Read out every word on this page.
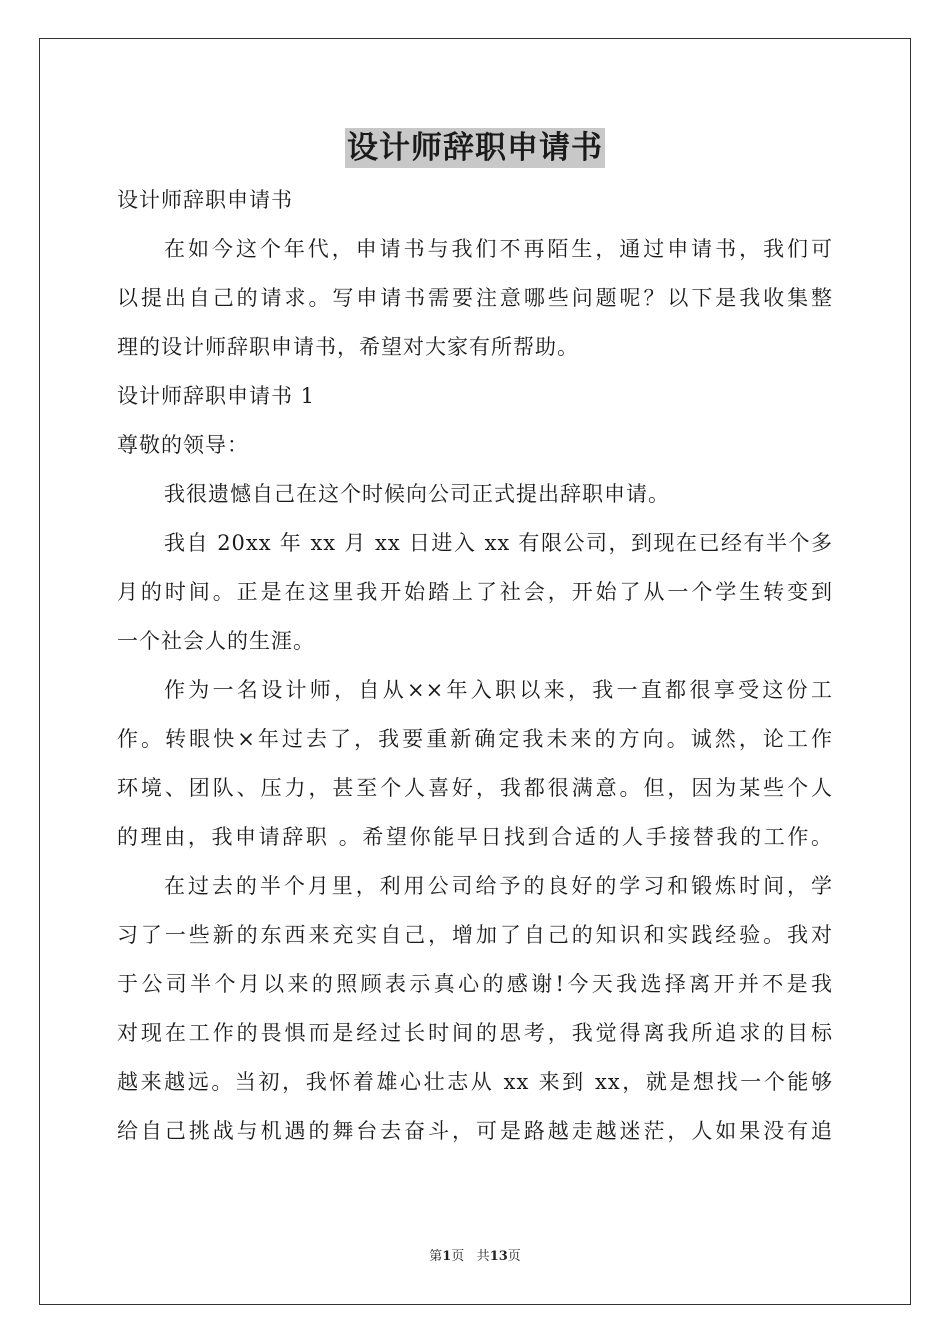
设计师辞职申请书
设计师辞职申请书
在如今这个年代，申请书与我们不再陌生，通过申请书，我们可
以提出自己的请求。写申请书需要注意哪些问题呢？以下是我收集整
理的设计师辞职申请书，希望对大家有所帮助。
设计师辞职申请书 1
尊敬的领导：
我很遗憾自己在这个时候向公司正式提出辞职申请。
我自 20xx 年 xx 月 xx 日进入 xx 有限公司，到现在已经有半个多
月的时间。正是在这里我开始踏上了社会，开始了从一个学生转变到
一个社会人的生涯。
作为一名设计师，自从××年入职以来，我一直都很享受这份工
作。转眼快×年过去了，我要重新确定我未来的方向。诚然，论工作
环境、团队、压力，甚至个人喜好，我都很满意。但，因为某些个人
的理由，我申请辞职 。希望你能早日找到合适的人手接替我的工作。
在过去的半个月里，利用公司给予的良好的学习和锻炼时间，学
习了一些新的东西来充实自己，增加了自己的知识和实践经验。我对
于公司半个月以来的照顾表示真心的感谢!今天我选择离开并不是我
对现在工作的畏惧而是经过长时间的思考，我觉得离我所追求的目标
越来越远。当初，我怀着雄心壮志从 xx 来到 xx，就是想找一个能够
给自己挑战与机遇的舞台去奋斗，可是路越走越迷茫，人如果没有追
第1页 共13页
